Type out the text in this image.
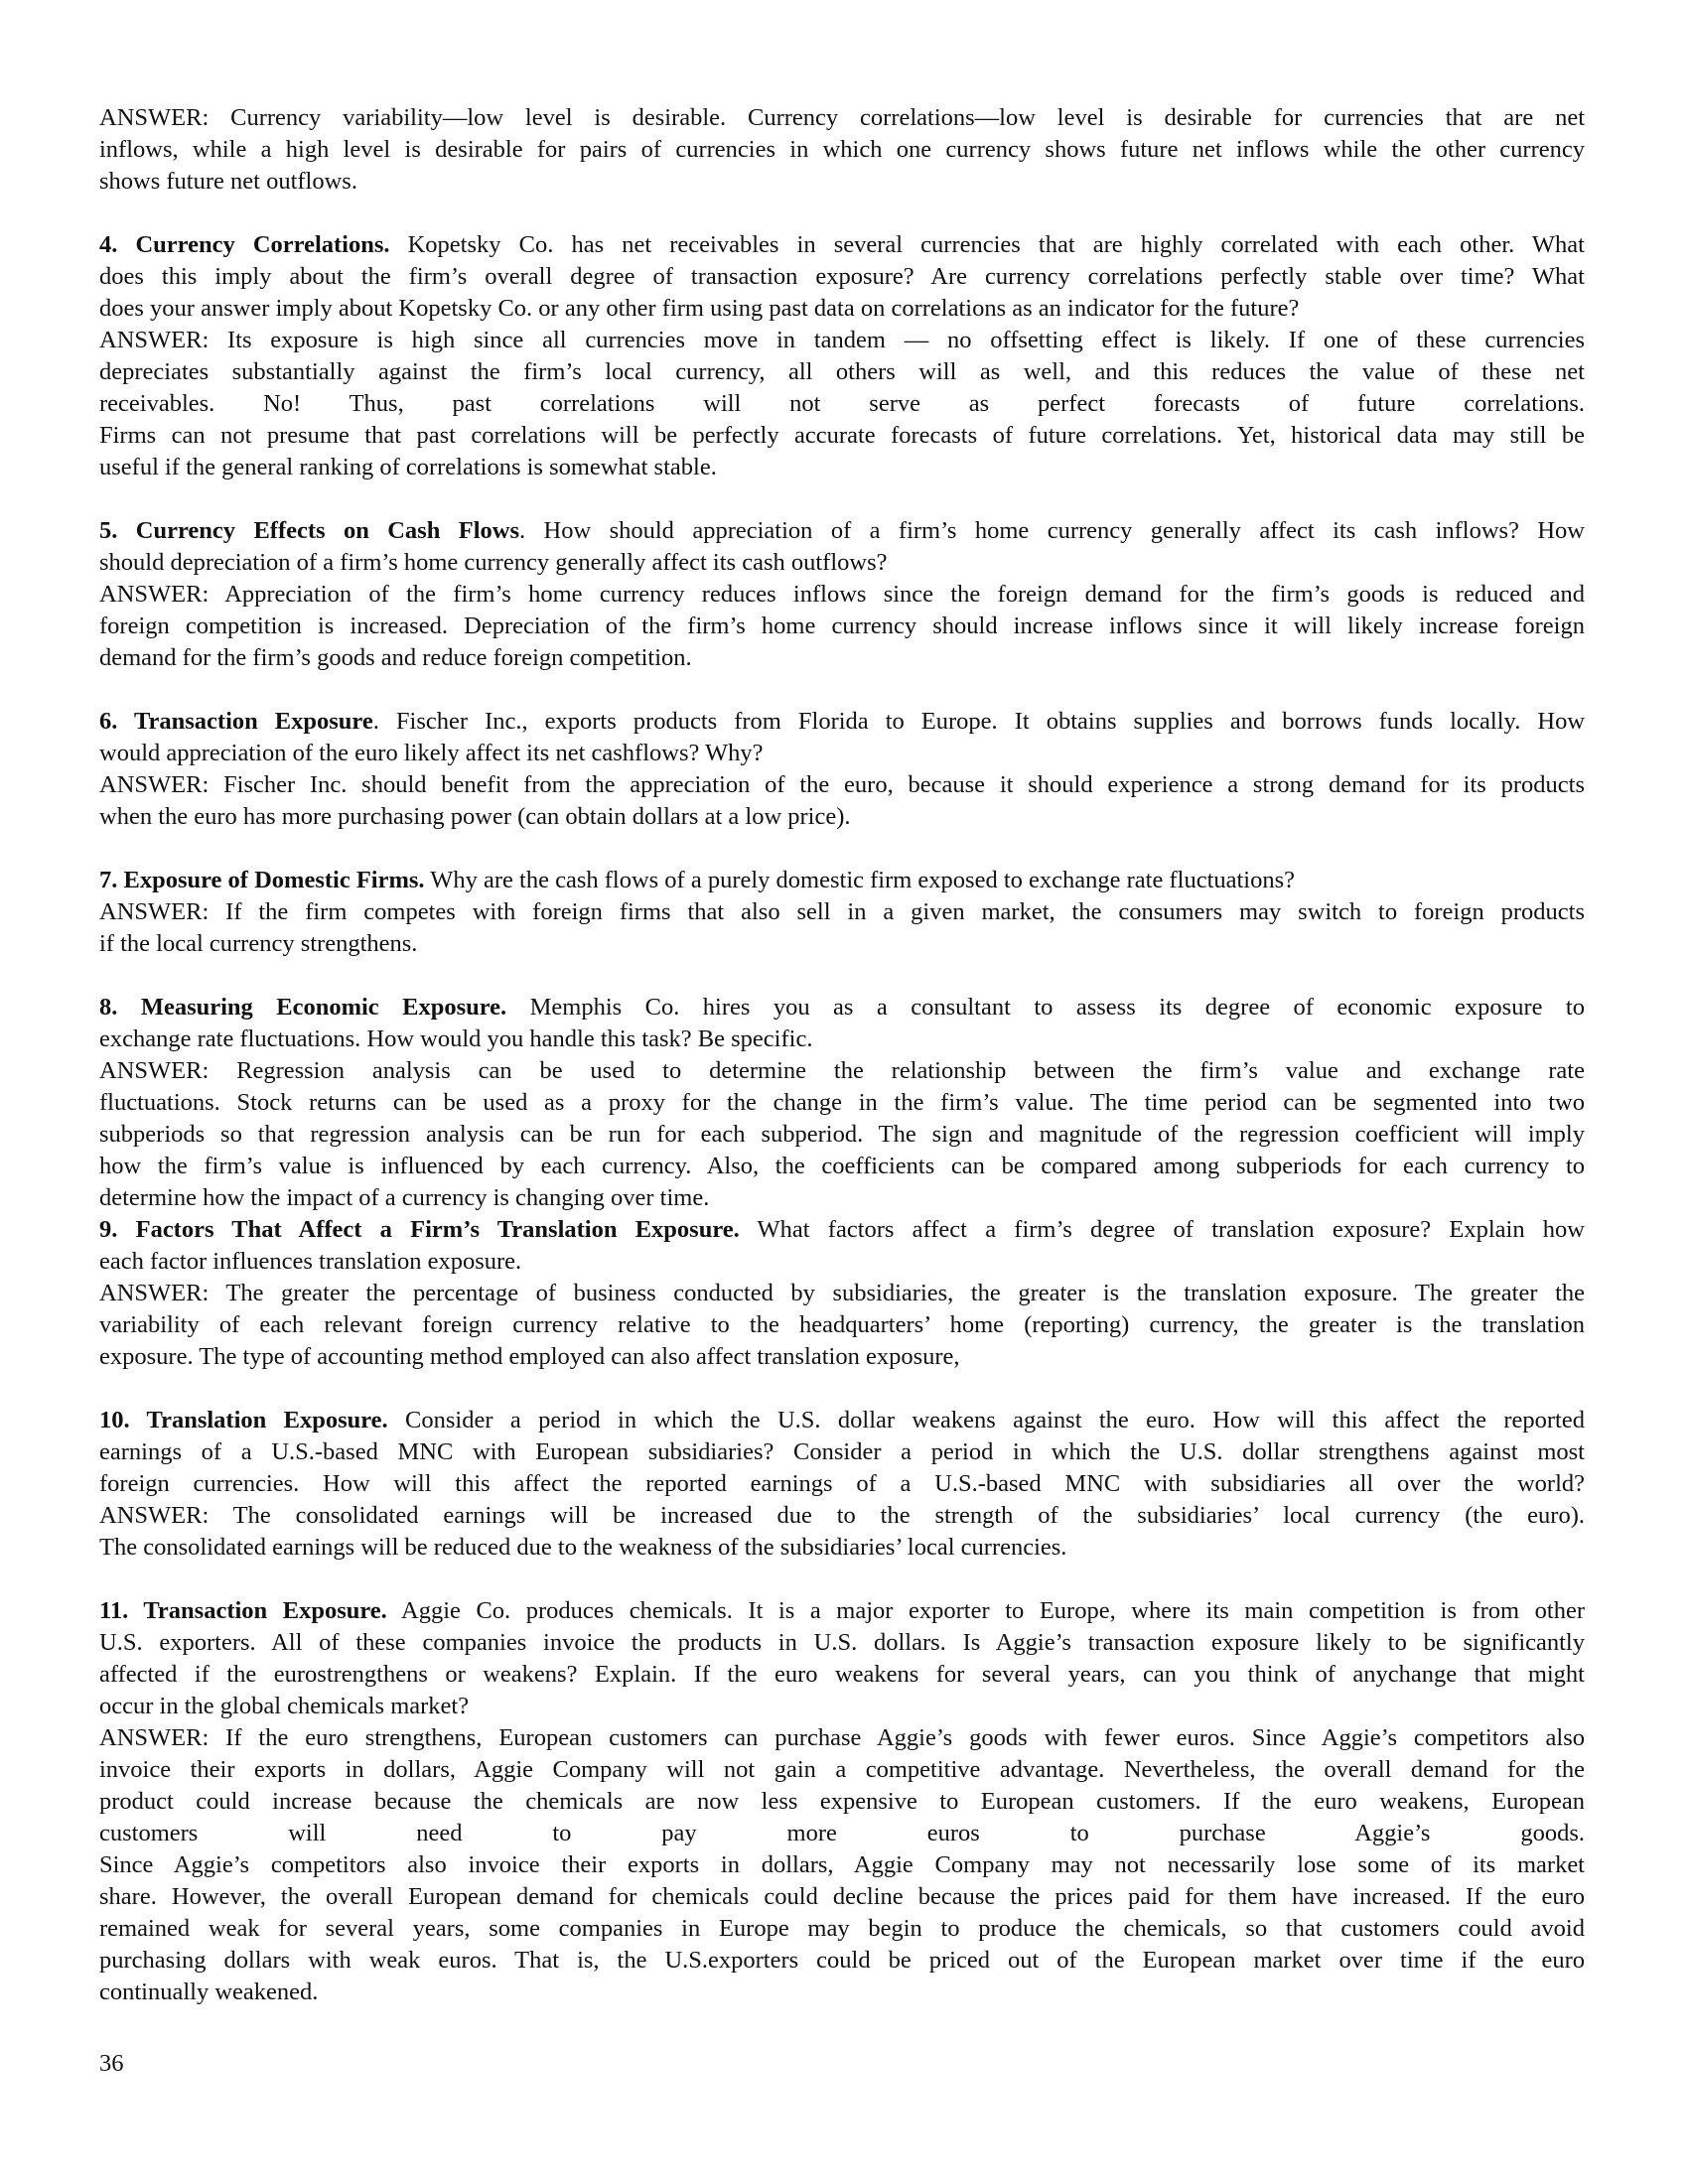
ANSWER: Currency variability—low level is desirable. Currency correlations—low level is desirable for currencies that are net
inflows, while a high level is desirable for pairs of currencies in which one currency shows future net inflows while the other currency
shows future net outflows.
4. Currency Correlations. Kopetsky Co. has net receivables in several currencies that are highly correlated with each other. What
does this imply about the firm’s overall degree of transaction exposure? Are currency correlations perfectly stable over time? What
does your answer imply about Kopetsky Co. or any other firm using past data on correlations as an indicator for the future?
ANSWER: Its exposure is high since all currencies move in tandem — no offsetting effect is likely. If one of these currencies
depreciates substantially against the firm’s local currency, all others will as well, and this reduces the value of these net
receivables. No! Thus, past correlations will not serve as perfect forecasts of future correlations.
Firms can not presume that past correlations will be perfectly accurate forecasts of future correlations. Yet, historical data may still be
useful if the general ranking of correlations is somewhat stable.
5. Currency Effects on Cash Flows. How should appreciation of a firm’s home currency generally affect its cash inflows? How
should depreciation of a firm’s home currency generally affect its cash outflows?
ANSWER: Appreciation of the firm’s home currency reduces inflows since the foreign demand for the firm’s goods is reduced and
foreign competition is increased. Depreciation of the firm’s home currency should increase inflows since it will likely increase foreign
demand for the firm’s goods and reduce foreign competition.
6. Transaction Exposure. Fischer Inc., exports products from Florida to Europe. It obtains supplies and borrows funds locally. How
would appreciation of the euro likely affect its net cashflows? Why?
ANSWER: Fischer Inc. should benefit from the appreciation of the euro, because it should experience a strong demand for its products
when the euro has more purchasing power (can obtain dollars at a low price).
7. Exposure of Domestic Firms. Why are the cash flows of a purely domestic firm exposed to exchange rate fluctuations?
ANSWER: If the firm competes with foreign firms that also sell in a given market, the consumers may switch to foreign products
if the local currency strengthens.
8. Measuring Economic Exposure. Memphis Co. hires you as a consultant to assess its degree of economic exposure to
exchange rate fluctuations. How would you handle this task? Be specific.
ANSWER: Regression analysis can be used to determine the relationship between the firm’s value and exchange rate
fluctuations. Stock returns can be used as a proxy for the change in the firm’s value. The time period can be segmented into two
subperiods so that regression analysis can be run for each subperiod. The sign and magnitude of the regression coefficient will imply
how the firm’s value is influenced by each currency. Also, the coefficients can be compared among subperiods for each currency to
determine how the impact of a currency is changing over time.
9. Factors That Affect a Firm’s Translation Exposure. What factors affect a firm’s degree of translation exposure? Explain how
each factor influences translation exposure.
ANSWER: The greater the percentage of business conducted by subsidiaries, the greater is the translation exposure. The greater the
variability of each relevant foreign currency relative to the headquarters’ home (reporting) currency, the greater is the translation
exposure. The type of accounting method employed can also affect translation exposure,
10. Translation Exposure. Consider a period in which the U.S. dollar weakens against the euro. How will this affect the reported
earnings of a U.S.-based MNC with European subsidiaries? Consider a period in which the U.S. dollar strengthens against most
foreign currencies. How will this affect the reported earnings of a U.S.-based MNC with subsidiaries all over the world?
ANSWER: The consolidated earnings will be increased due to the strength of the subsidiaries’ local currency (the euro).
The consolidated earnings will be reduced due to the weakness of the subsidiaries’ local currencies.
11. Transaction Exposure. Aggie Co. produces chemicals. It is a major exporter to Europe, where its main competition is from other
U.S. exporters. All of these companies invoice the products in U.S. dollars. Is Aggie’s transaction exposure likely to be significantly
affected if the eurostrengthens or weakens? Explain. If the euro weakens for several years, can you think of anychange that might
occur in the global chemicals market?
ANSWER: If the euro strengthens, European customers can purchase Aggie’s goods with fewer euros. Since Aggie’s competitors also
invoice their exports in dollars, Aggie Company will not gain a competitive advantage. Nevertheless, the overall demand for the
product could increase because the chemicals are now less expensive to European customers. If the euro weakens, European
customers will need to pay more euros to purchase Aggie’s goods.
Since Aggie’s competitors also invoice their exports in dollars, Aggie Company may not necessarily lose some of its market
share. However, the overall European demand for chemicals could decline because the prices paid for them have increased. If the euro
remained weak for several years, some companies in Europe may begin to produce the chemicals, so that customers could avoid
purchasing dollars with weak euros. That is, the U.S.exporters could be priced out of the European market over time if the euro
continually weakened.
36
